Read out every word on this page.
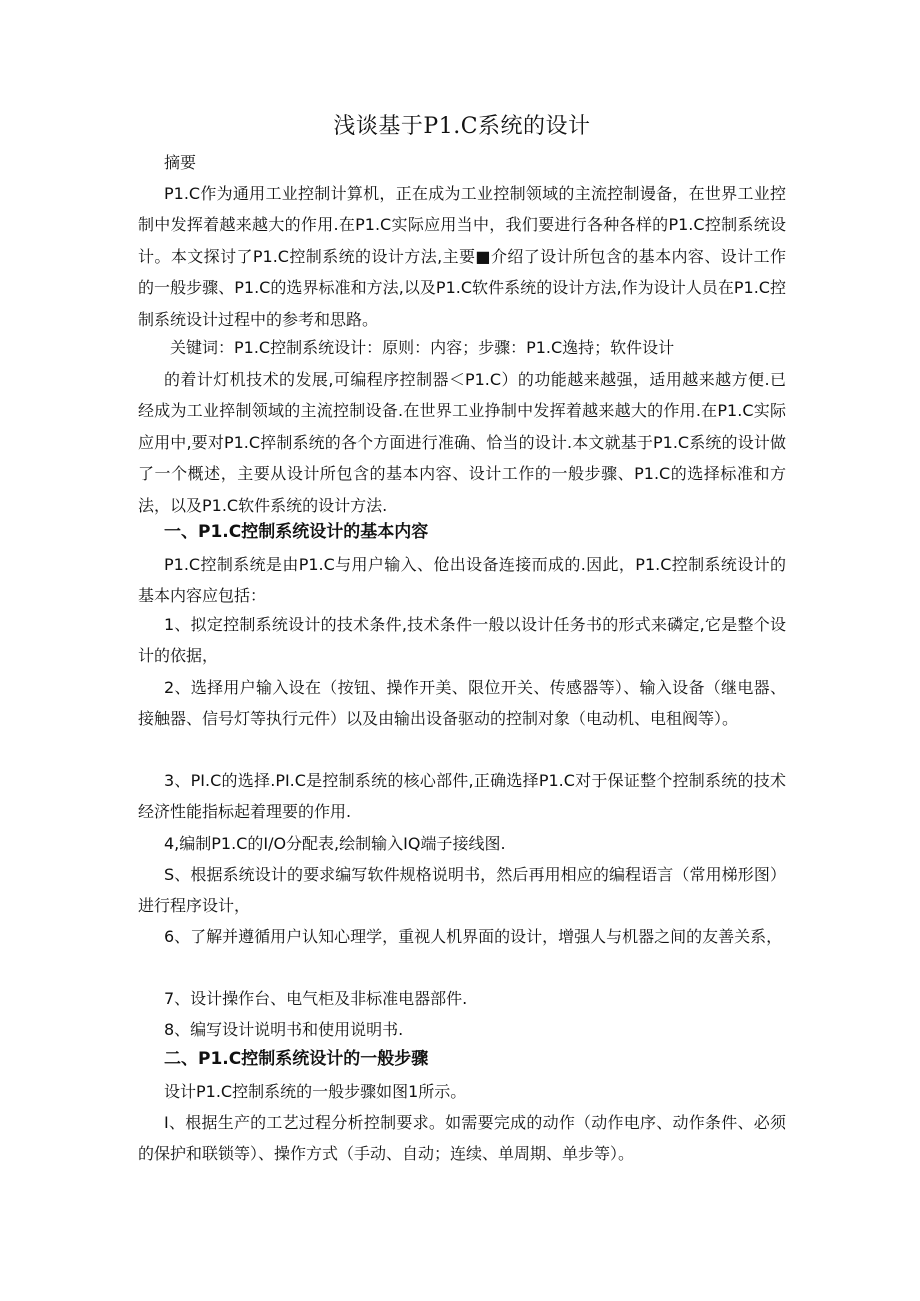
浅谈基于P1.C系统的设计
摘要
P1.C作为通用工业控制计算机，正在成为工业控制领域的主流控制谩备，在世界工业控制中发挥着越来越大的作用.在P1.C实际应用当中，我们要进行各种各样的P1.C控制系统设计。本文探讨了P1.C控制系统的设计方法,主要■介绍了设计所包含的基本内容、设计工作的一般步骤、P1.C的选界标准和方法,以及P1.C软件系统的设计方法,作为设计人员在P1.C控制系统设计过程中的参考和思路。
关键词：P1.C控制系统设计：原则：内容；步骤：P1.C逸持；软件设计
的着计灯机技术的发展,可编程序控制器＜P1.C）的功能越来越强，适用越来越方便.已经成为工业捽制领域的主流控制设备.在世界工业挣制中发挥着越来越大的作用.在P1.C实际应用中,要对P1.C捽制系统的各个方面进行准确、恰当的设计.本文就基于P1.C系统的设计做了一个概述，主要从设计所包含的基本内容、设计工作的一般步骤、P1.C的选择标准和方法，以及P1.C软件系统的设计方法.
一、P1.C控制系统设计的基本内容
P1.C控制系统是由P1.C与用户输入、伧出设备连接而成的.因此，P1.C控制系统设计的基本内容应包括：
1、拟定控制系统设计的技术条件,技术条件一般以设计任务书的形式来磷定,它是整个设计的依据，
2、选择用户输入设在（按钮、操作开美、限位开关、传感器等）、输入设备（继电器、接触器、信号灯等执行元件）以及由输出设备驱动的控制对象（电动机、电租阀等）。
3、PI.C的选择.PI.C是控制系统的核心部件,正确选择P1.C对于保证整个控制系统的技术经济性能指标起着理要的作用.
4,编制P1.C的I/O分配表,绘制输入IQ端子接线图.
S、根据系统设计的要求编写软件规格说明书，然后再用相应的编程语言（常用梯形图）进行程序设计，
6、了解并遵循用户认知心理学，重视人机界面的设计，增强人与机器之间的友善关系，
7、设计操作台、电气柜及非标准电器部件.
8、编写设计说明书和使用说明书.
二、P1.C控制系统设计的一般步骤
设计P1.C控制系统的一般步骤如图1所示。
I、根据生产的工艺过程分析控制要求。如需要完成的动作（动作电序、动作条件、必须的保护和联锁等）、操作方式（手动、自动；连续、单周期、单步等）。
